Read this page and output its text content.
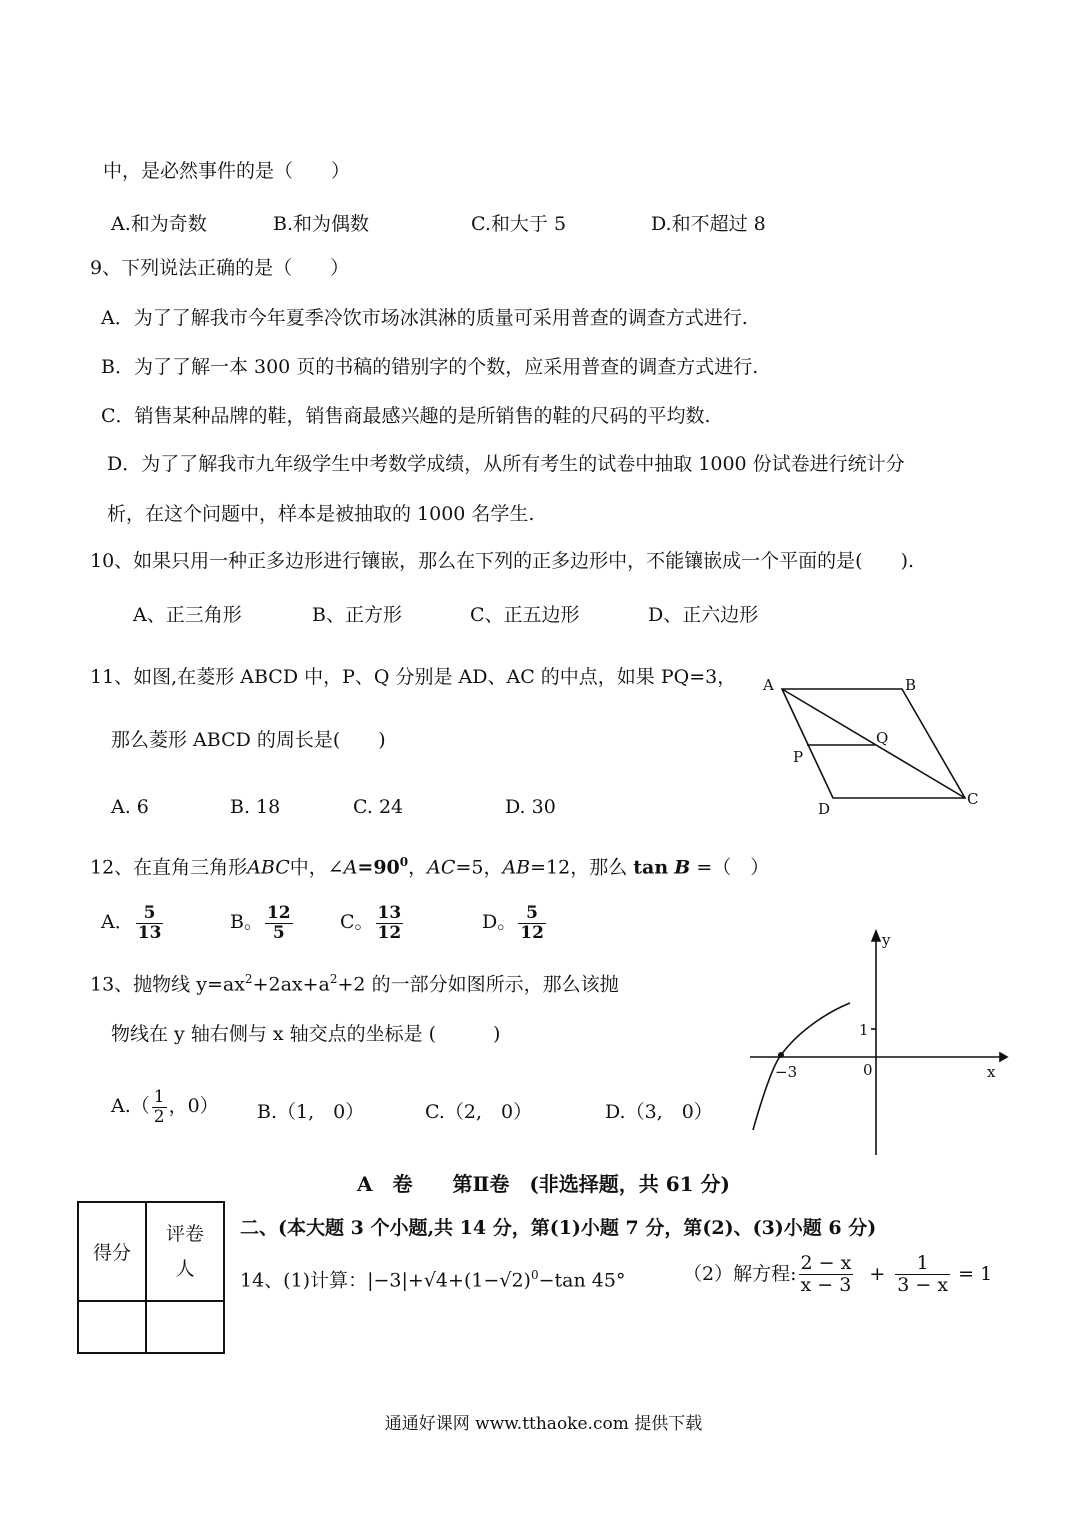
中，是必然事件的是（　　）
A.和为奇数	B.和为偶数	C.和大于 5	D.和不超过 8
9、下列说法正确的是（　　）
A．为了了解我市今年夏季冷饮市场冰淇淋的质量可采用普查的调查方式进行.
B．为了了解一本 300 页的书稿的错别字的个数，应采用普查的调查方式进行.
C．销售某种品牌的鞋，销售商最感兴趣的是所销售的鞋的尺码的平均数.
D．为了了解我市九年级学生中考数学成绩，从所有考生的试卷中抽取 1000 份试卷进行统计分
析，在这个问题中，样本是被抽取的 1000 名学生.
10、如果只用一种正多边形进行镶嵌，那么在下列的正多边形中，不能镶嵌成一个平面的是(　　).
A、正三角形	B、正方形	C、正五边形	D、正六边形
11、如图,在菱形 ABCD 中，P、Q 分别是 AD、AC 的中点，如果 PQ=3，
那么菱形 ABCD 的周长是(　　)
A. 6	B. 18	C. 24	D. 30
A	B
C
D
P
Q
12、在直角三角形ABC中，$\angle A=90^0$，AC=5，AB=12，那么 tan B =（　）
A． $\frac{5}{13}$	B。 $\frac{12}{5}$ C。 $\frac{13}{12}$	D。 $\frac{5}{12}$
13、抛物线 $y=ax^2+2ax+a^2+2$ 的一部分如图所示，那么该抛
物线在 y 轴右侧与 x 轴交点的坐标是 (　　　)
$A.( \frac{1}{2}$ ，0） B.（1,　0）	C.（2,　0）	D.（3,　0）
y
x
1
0
−3
A　卷　　第Ⅱ卷　(非选择题，共 61 分)
得分	评卷
人

二、(本大题 3 个小题,共 14 分，第(1)小题 7 分，第(2)、(3)小题 6 分)
14、(1)计算：$|-3|+√4+(1-√2)^0-\tan$ 45°	（2）解方程: $\frac{2 - x}{x - 3} + \frac{1}{3 - x} = 1$
通通好课网 www.tthaoke.com 提供下载
